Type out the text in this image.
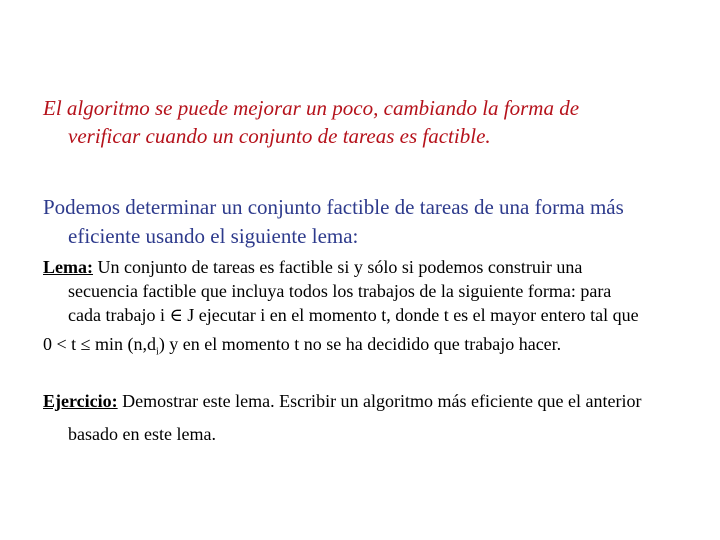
El algoritmo se puede mejorar un poco, cambiando la forma de
verificar cuando un conjunto de tareas es factible.
Podemos determinar un conjunto factible de tareas de una forma más
eficiente usando el siguiente lema:
Lema: Un conjunto de tareas es factible si y sólo si podemos construir una
secuencia factible que incluya todos los trabajos de la siguiente forma: para
cada trabajo i ∈ J ejecutar i en el momento t, donde t es el mayor entero tal que
$0 < t \le \min (n,d_i)$ y en el momento t no se ha decidido que trabajo hacer.
Ejercicio: Demostrar este lema. Escribir un algoritmo más eficiente que el anterior
basado en este lema.
